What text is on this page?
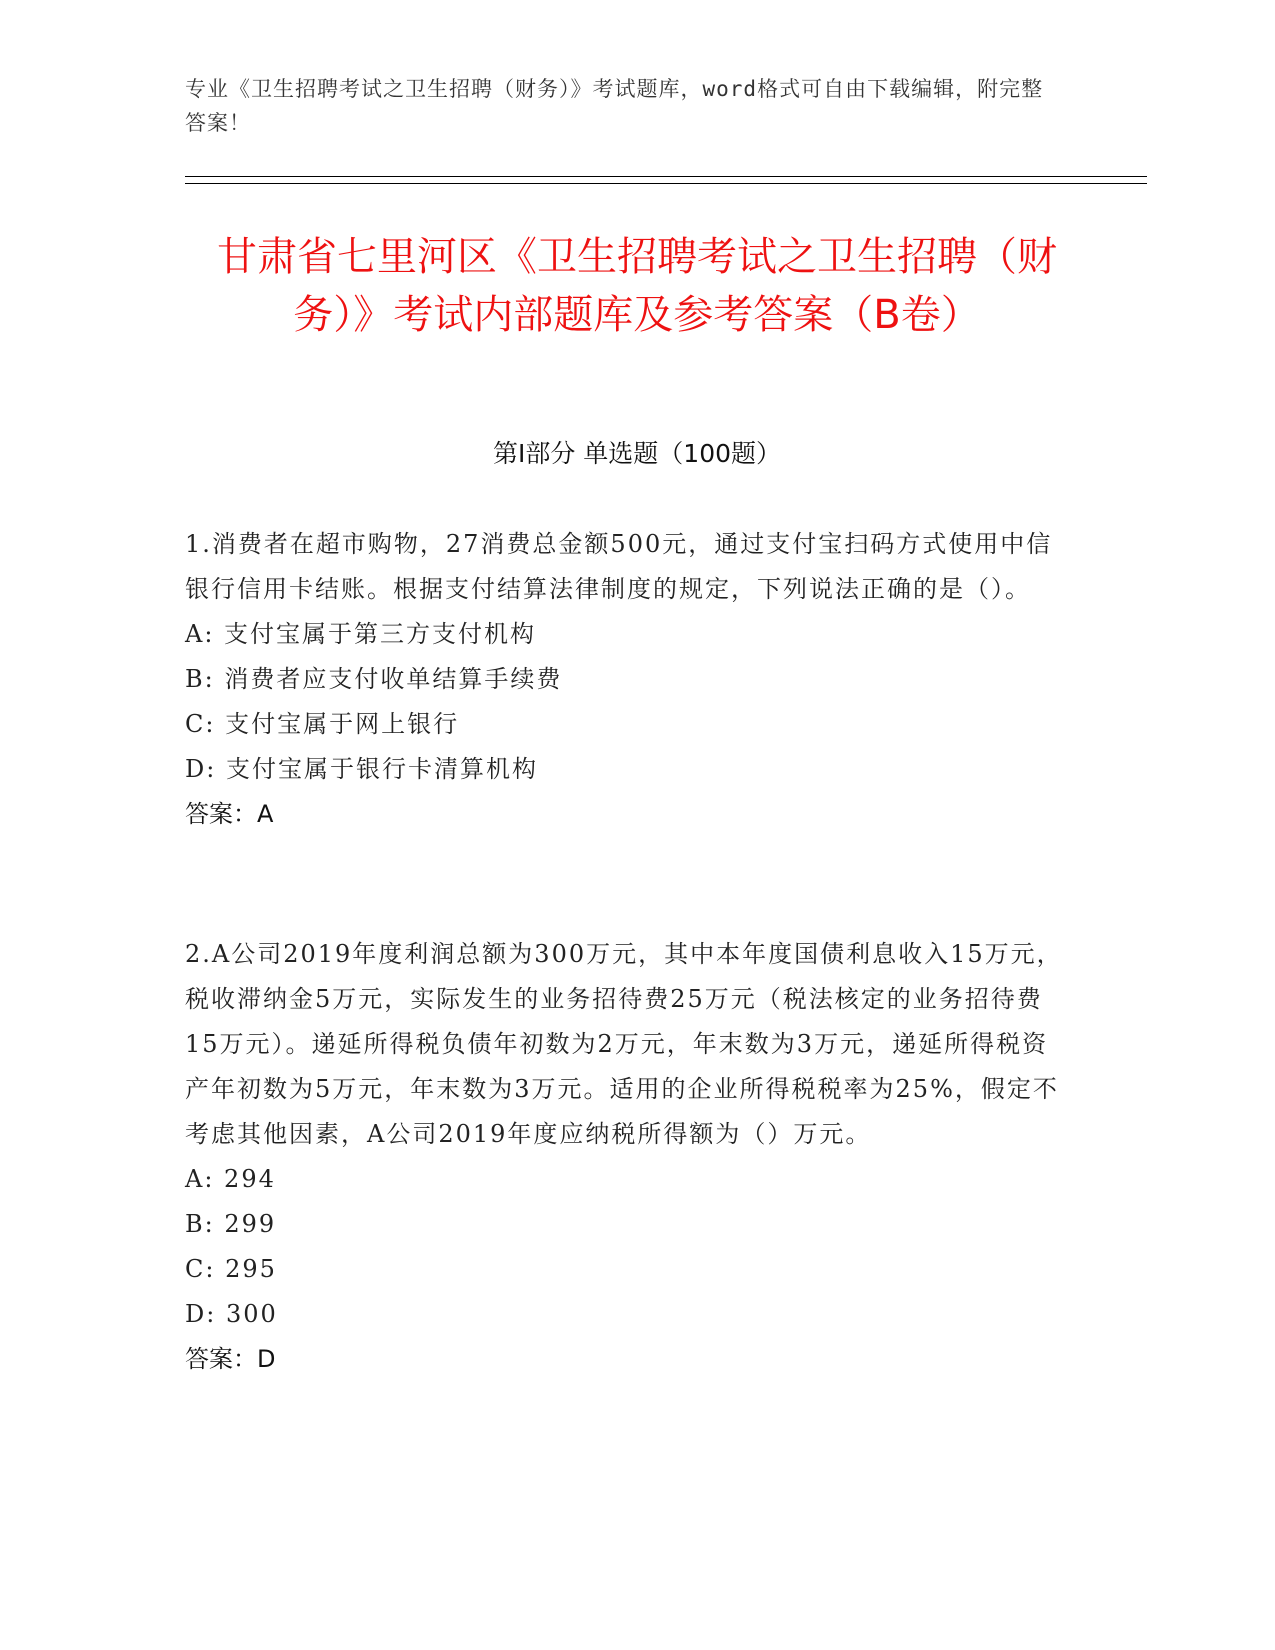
专业《卫生招聘考试之卫生招聘（财务）》考试题库，word格式可自由下载编辑，附完整答案！
甘肃省七里河区《卫生招聘考试之卫生招聘（财务）》考试内部题库及参考答案（B卷）
第I部分 单选题（100题）
1.消费者在超市购物，27消费总金额500元，通过支付宝扫码方式使用中信银行信用卡结账。根据支付结算法律制度的规定，下列说法正确的是（）。
A: 支付宝属于第三方支付机构
B: 消费者应支付收单结算手续费
C: 支付宝属于网上银行
D: 支付宝属于银行卡清算机构
答案：A
2.A公司2019年度利润总额为300万元，其中本年度国债利息收入15万元，税收滞纳金5万元，实际发生的业务招待费25万元（税法核定的业务招待费15万元）。递延所得税负债年初数为2万元，年末数为3万元，递延所得税资产年初数为5万元，年末数为3万元。适用的企业所得税税率为25%，假定不考虑其他因素，A公司2019年度应纳税所得额为（）万元。
A: 294
B: 299
C: 295
D: 300
答案：D
